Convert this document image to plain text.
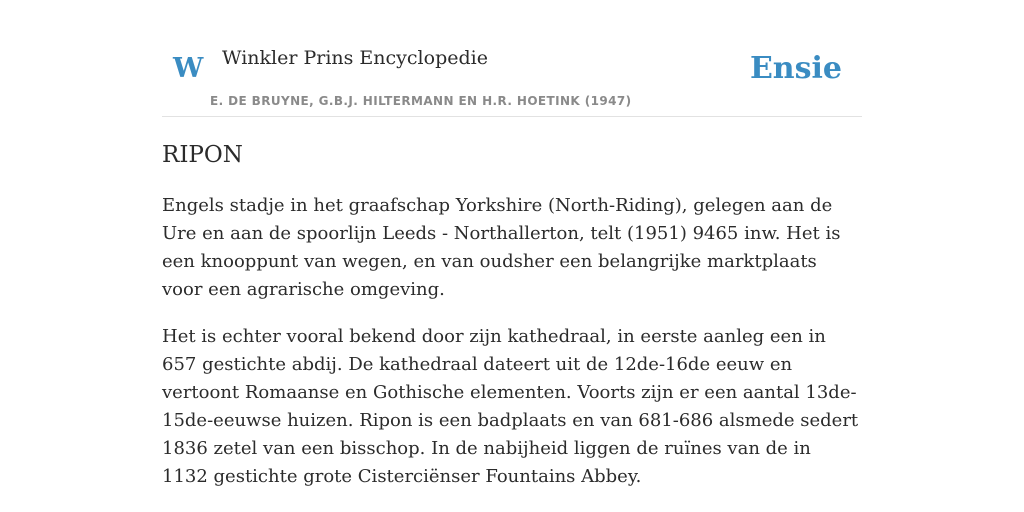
W Winkler Prins Encyclopedie
E. DE BRUYNE, G.B.J. HILTERMANN EN H.R. HOETINK (1947)
Ensie
RIPON

Engels stadje in het graafschap Yorkshire (North-Riding), gelegen aan de Ure en aan de spoorlijn Leeds - Northallerton, telt (1951) 9465 inw. Het is een knooppunt van wegen, en van oudsher een belangrijke marktplaats voor een agrarische omgeving.

Het is echter vooral bekend door zijn kathedraal, in eerste aanleg een in 657 gestichte abdij. De kathedraal dateert uit de 12de-16de eeuw en vertoont Romaanse en Gothische elementen. Voorts zijn er een aantal 13de-15de-eeuwse huizen. Ripon is een badplaats en van 681-686 alsmede sedert 1836 zetel van een bisschop. In de nabijheid liggen de ruïnes van de in 1132 gestichte grote Cisterciënser Fountains Abbey.
